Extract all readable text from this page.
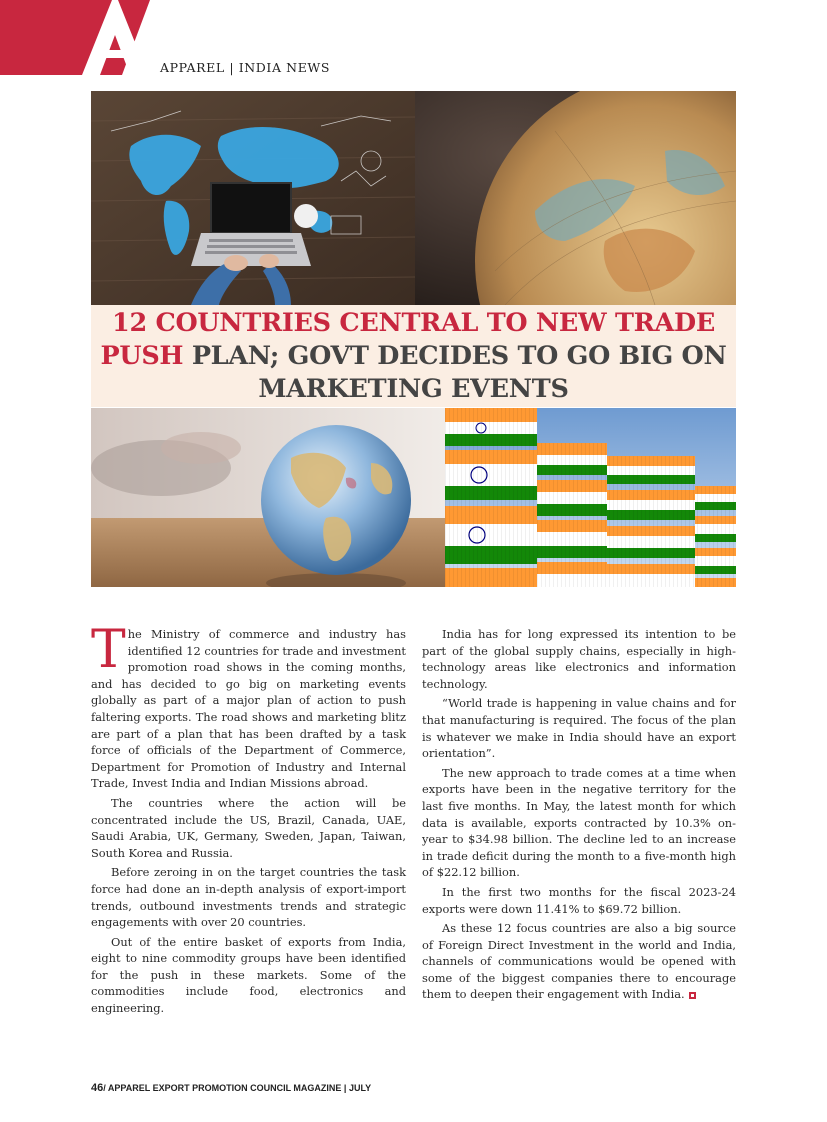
APPAREL | INDIA NEWS
12 COUNTRIES CENTRAL TO NEW TRADE PUSH PLAN; GOVT DECIDES TO GO BIG ON MARKETING EVENTS

The Ministry of commerce and industry has identified 12 countries for trade and investment promotion road shows in the coming months, and has decided to go big on marketing events globally as part of a major plan of action to push faltering exports. The road shows and marketing blitz are part of a plan that has been drafted by a task force of officials of the Department of Commerce, Department for Promotion of Industry and Internal Trade, Invest India and Indian Missions abroad.

The countries where the action will be concentrated include the US, Brazil, Canada, UAE, Saudi Arabia, UK, Germany, Sweden, Japan, Taiwan, South Korea and Russia.

Before zeroing in on the target countries the task force had done an in-depth analysis of export-import trends, outbound investments trends and strategic engagements with over 20 countries.

Out of the entire basket of exports from India, eight to nine commodity groups have been identified for the push in these markets. Some of the commodities include food, electronics and engineering.

India has for long expressed its intention to be part of the global supply chains, especially in high-technology areas like electronics and information technology.

“World trade is happening in value chains and for that manufacturing is required. The focus of the plan is whatever we make in India should have an export orientation”.

The new approach to trade comes at a time when exports have been in the negative territory for the last five months. In May, the latest month for which data is available, exports contracted by 10.3% on-year to $34.98 billion. The decline led to an increase in trade deficit during the month to a five-month high of $22.12 billion.

In the first two months for the fiscal 2023-24 exports were down 11.41% to $69.72 billion.

As these 12 focus countries are also a big source of Foreign Direct Investment in the world and India, channels of communications would be opened with some of the biggest companies there to encourage them to deepen their engagement with India.

46/ APPAREL EXPORT PROMOTION COUNCIL MAGAZINE | JULY
